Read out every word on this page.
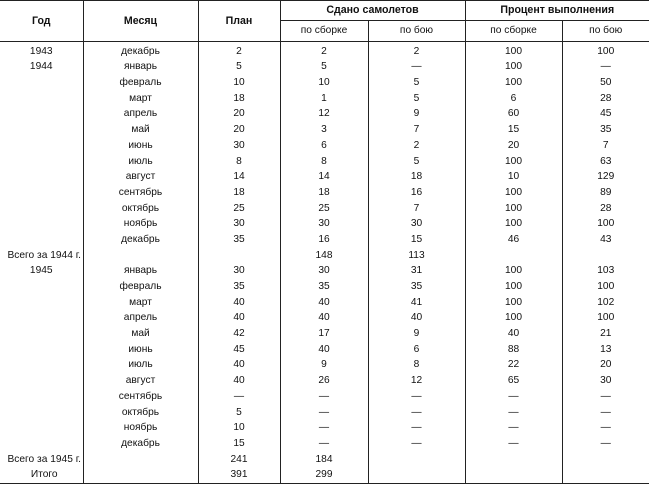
Год	Месяц	План	Сдано самолетов		Процент выполнения	
			по сборке	по бою	по сборке	по бою
1943	декабрь	2	2	2	100	100
1944	январь	5	5	—	100	—
	февраль	10	10	5	100	50
	март	18	1	5	6	28
	апрель	20	12	9	60	45
	май	20	3	7	15	35
	июнь	30	6	2	20	7
	июль	8	8	5	100	63
	август	14	14	18	10	129
	сентябрь	18	18	16	100	89
	октябрь	25	25	7	100	28
	ноябрь	30	30	30	100	100
	декабрь	35	16	15	46	43
Всего за 1944 г.			148	113		
1945	январь	30	30	31	100	103
	февраль	35	35	35	100	100
	март	40	40	41	100	102
	апрель	40	40	40	100	100
	май	42	17	9	40	21
	июнь	45	40	6	88	13
	июль	40	9	8	22	20
	август	40	26	12	65	30
	сентябрь	—	—	—	—	—
	октябрь	5	—	—	—	—
	ноябрь	10	—	—	—	—
	декабрь	15	—	—	—	—
Всего за 1945 г.		241	184			
Итого		391	299			
